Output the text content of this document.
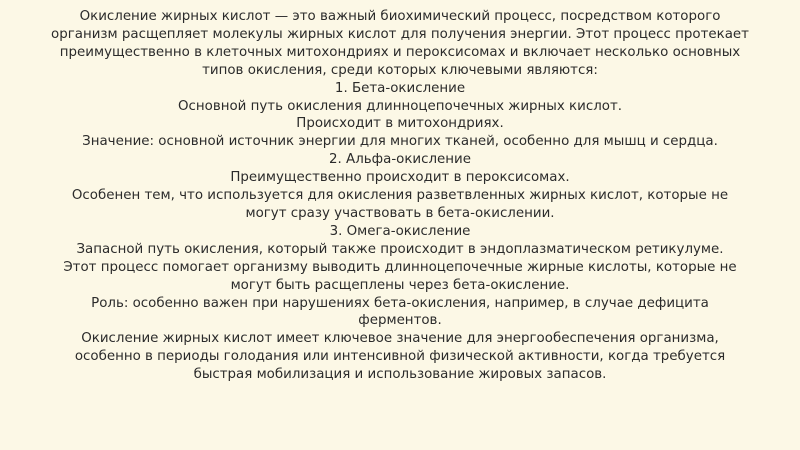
Окисление жирных кислот — это важный биохимический процесс, посредством которого организм расщепляет молекулы жирных кислот для получения энергии. Этот процесс протекает преимущественно в клеточных митохондриях и пероксисомах и включает несколько основных типов окисления, среди которых ключевыми являются:

1. Бета-окисление

Основной путь окисления длинноцепочечных жирных кислот.

Происходит в митохондриях.

Значение: основной источник энергии для многих тканей, особенно для мышц и сердца.

2. Альфа-окисление

Преимущественно происходит в пероксисомах.

Особенен тем, что используется для окисления разветвленных жирных кислот, которые не могут сразу участвовать в бета-окислении.

3. Омега-окисление

Запасной путь окисления, который также происходит в эндоплазматическом ретикулуме.

Этот процесс помогает организму выводить длинноцепочечные жирные кислоты, которые не могут быть расщеплены через бета-окисление.

Роль: особенно важен при нарушениях бета-окисления, например, в случае дефицита ферментов.

Окисление жирных кислот имеет ключевое значение для энергообеспечения организма, особенно в периоды голодания или интенсивной физической активности, когда требуется быстрая мобилизация и использование жировых запасов.
